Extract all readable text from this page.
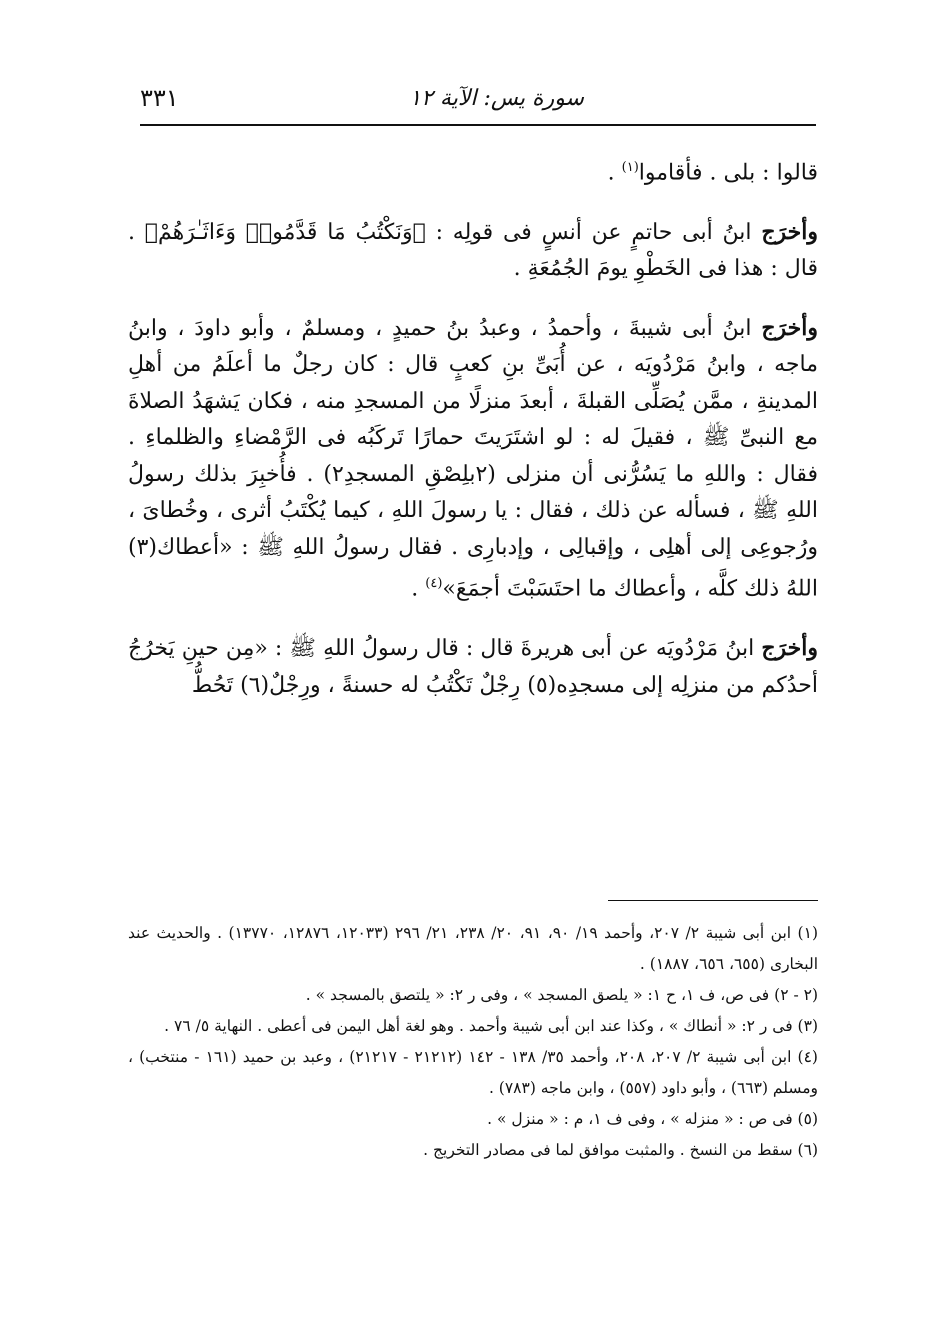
سورة يس: الآية ١٢
٣٣١

قالوا : بلى . فأقاموا$^{(١)}$ .

وأخرَج ابنُ أبى حاتمٍ عن أنسٍ فى قولِه : ﴿وَنَكْتُبُ مَا قَدَّمُوا۟ وَءَاثَـٰرَهُمْ﴾ . قال : هذا فى الخَطْوِ يومَ الجُمُعَةِ .

وأخرَج ابنُ أبى شيبةَ ، وأحمدُ ، وعبدُ بنُ حميدٍ ، ومسلمٌ ، وأبو داودَ ، وابنُ ماجه ، وابنُ مَرْدُويَه ، عن أُبَىِّ بنِ كعبٍ قال : كان رجلٌ ما أعلَمُ من أهلِ المدينةِ ، ممَّن يُصَلِّى القبلةَ ، أبعدَ منزلًا من المسجدِ منه ، فكان يَشهَدُ الصلاةَ مع النبىِّ ﷺ ، فقيلَ له : لو اشتَرَيتَ حمارًا تَركَبُه فى الرَّمْضاءِ والظلماءِ . فقال : واللهِ ما يَسُرُّنى أن منزلى (٢بلِصْقِ المسجدِ٢) . فأُخبِرَ بذلك رسولُ اللهِ ﷺ ، فسأله عن ذلك ، فقال : يا رسولَ اللهِ ، كيما يُكْتَبُ أثرى ، وخُطاىَ ، ورُجوعِى إلى أهلِى ، وإقبالِى ، وإدبارِى . فقال رسولُ اللهِ ﷺ : «أعطاك(٣) اللهُ ذلك كلَّه ، وأعطاك ما احتَسَبْتَ أجمَعَ»$^{(٤)}$ .

وأخرَج ابنُ مَرْدُويَه عن أبى هريرةَ قال : قال رسولُ اللهِ ﷺ : «مِن حينِ يَخرُجُ أحدُكم من منزلِه إلى مسجدِه(٥) رِجْلٌ تَكْتُبُ له حسنةً ، ورِجْلٌ(٦) تَحُطُّ

(١) ابن أبى شيبة ٢/ ٢٠٧، وأحمد ١٩/ ٩٠، ٩١، ٢٠/ ٢٣٨، ٢١/ ٢٩٦ (١٢٠٣٣، ١٢٨٧٦، ١٣٧٧٠) . والحديث عند البخارى (٦٥٥، ٦٥٦، ١٨٨٧) .

(٢ - ٢) فى ص، ف ١، ح ١: « يلصق المسجد » ، وفى ر ٢: « يلتصق بالمسجد » .

(٣) فى ر ٢: « أنطاك » ، وكذا عند ابن أبى شيبة وأحمد . وهو لغة أهل اليمن فى أعطى . النهاية ٥/ ٧٦ .

(٤) ابن أبى شيبة ٢/ ٢٠٧، ٢٠٨، وأحمد ٣٥/ ١٣٨ - ١٤٢ (٢١٢١٢ - ٢١٢١٧) ، وعبد بن حميد (١٦١ - منتخب) ، ومسلم (٦٦٣) ، وأبو داود (٥٥٧) ، وابن ماجه (٧٨٣) .

(٥) فى ص : « منزله » ، وفى ف ١، م : « منزل » .

(٦) سقط من النسخ . والمثبت موافق لما فى مصادر التخريج .
